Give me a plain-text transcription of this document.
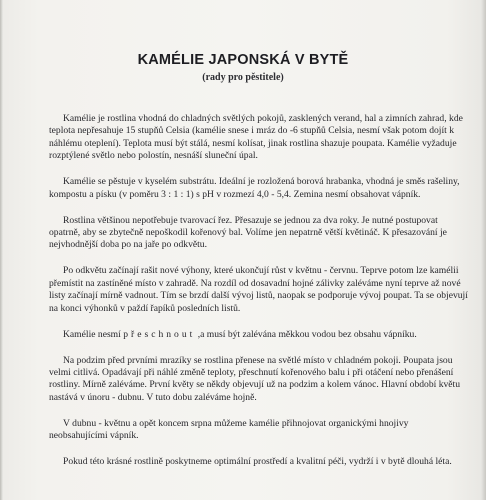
KAMÉLIE JAPONSKÁ V BYTĚ
(rady pro pěstitele)

Kamélie je rostlina vhodná do chladných světlých pokojů, zasklených verand, hal a zimních zahrad, kde teplota nepřesahuje 15 stupňů Celsia (kamélie snese i mráz do -6 stupňů Celsia, nesmí však potom dojít k náhlému oteplení). Teplota musí být stálá, nesmí kolísat, jinak rostlina shazuje poupata. Kamélie vyžaduje rozptýlené světlo nebo polostín, nesnáší sluneční úpal.

Kamélie se pěstuje v kyselém substrátu. Ideální je rozložená borová hrabanka, vhodná je směs rašeliny, kompostu a písku (v poměru 3 : 1 : 1) s pH v rozmezí 4,0 - 5,4. Zemina nesmí obsahovat vápník.

Rostlina většinou nepotřebuje tvarovací řez. Přesazuje se jednou za dva roky. Je nutné postupovat opatrně, aby se zbytečně nepoškodil kořenový bal. Volíme jen nepatrně větší květináč. K přesazování je nejvhodnější doba po na jaře po odkvětu.

Po odkvětu začínají rašit nové výhony, které ukončují růst v květnu - červnu. Teprve potom lze kamélii přemístit na zastíněné místo v zahradě. Na rozdíl od dosavadní hojné zálivky zaléváme nyní teprve až nové listy začínají mírně vadnout. Tím se brzdí další vývoj listů, naopak se podporuje vývoj poupat. Ta se objevují na konci výhonků v paždí řapíků posledních listů.

Kamélie nesmí přeschnout ,a musí být zalévána měkkou vodou bez obsahu vápníku.

Na podzim před prvními mrazíky se rostlina přenese na světlé místo v chladném pokoji. Poupata jsou velmi citlivá. Opadávají při náhlé změně teploty, přeschnutí kořenového balu i při otáčení nebo přenášení rostliny. Mírně zaléváme. První květy se někdy objevují už na podzim a kolem vánoc. Hlavní období květu nastává v únoru - dubnu. V tuto dobu zaléváme hojně.

V dubnu - květnu a opět koncem srpna můžeme kamélie přihnojovat organickými hnojivy neobsahujícími vápník.

Pokud této krásné rostlině poskytneme optimální prostředí a kvalitní péči, vydrží i v bytě dlouhá léta.
